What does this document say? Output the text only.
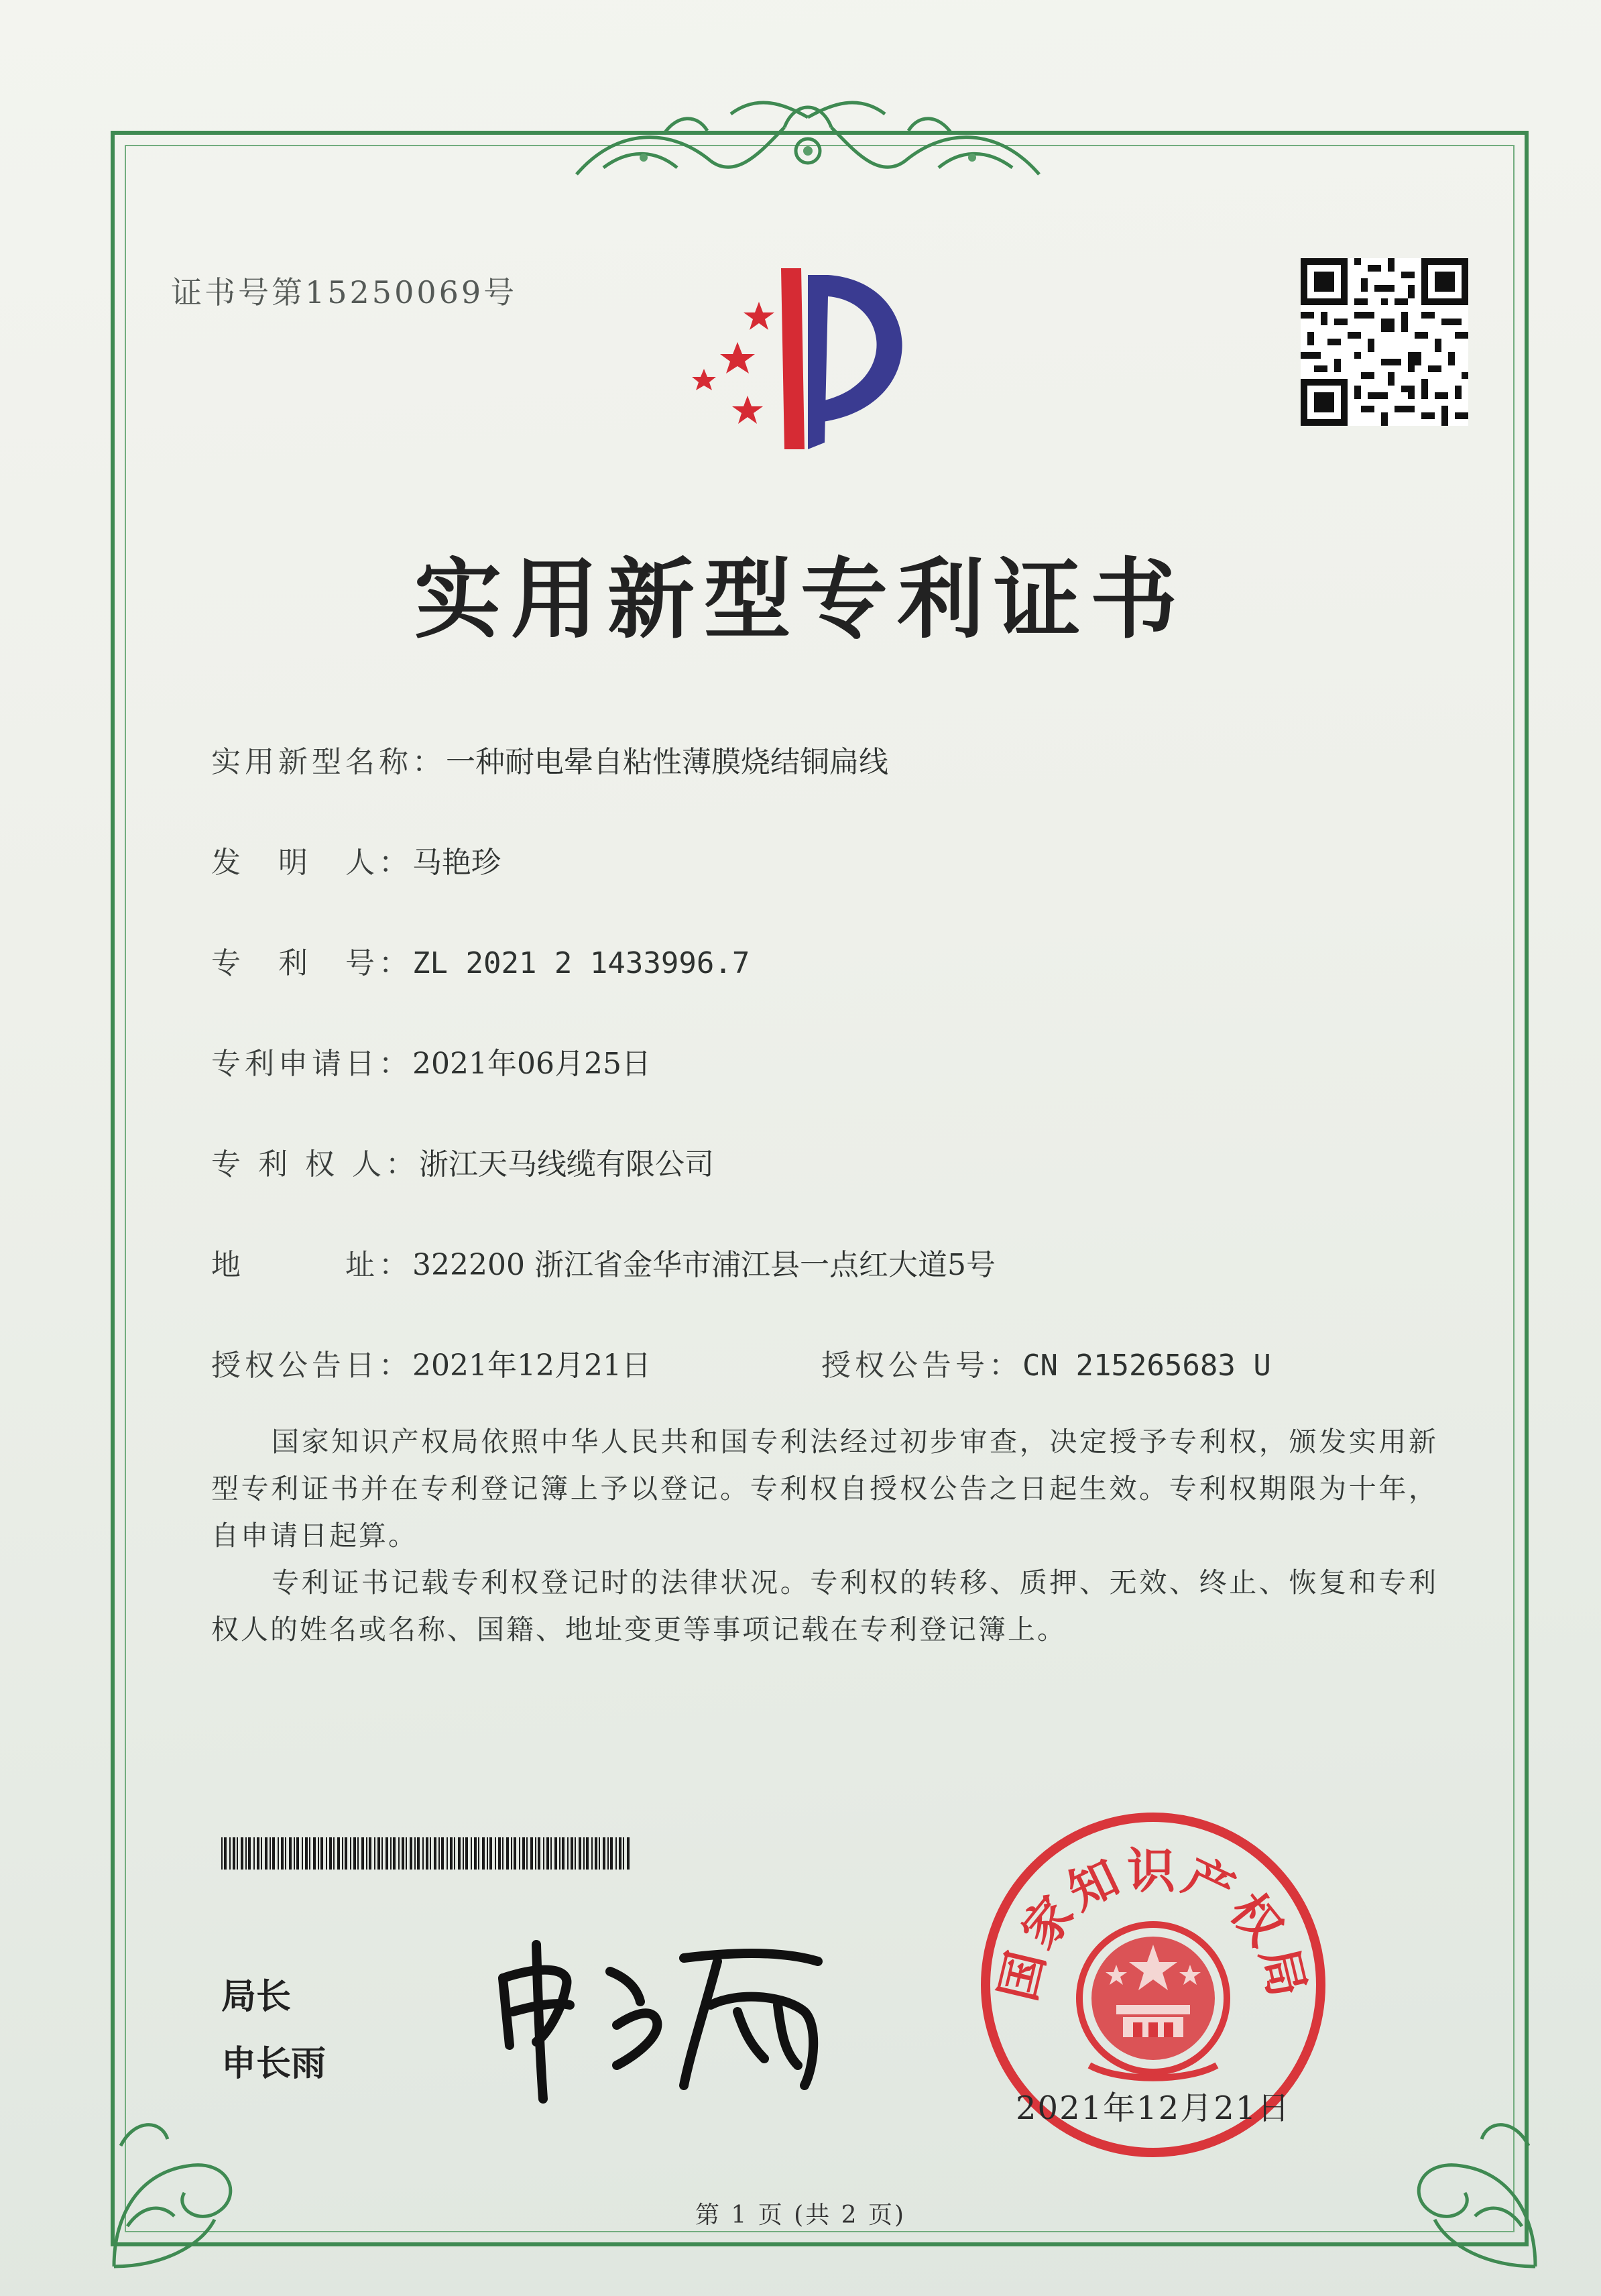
证书号第15250069号
实用新型专利证书
实用新型名称：一种耐电晕自粘性薄膜烧结铜扁线
发　明　人：马艳珍
专　利　号：ZL 2021 2 1433996.7
专利申请日：2021年06月25日
专 利 权 人：浙江天马线缆有限公司
地　　　址：322200 浙江省金华市浦江县一点红大道5号
授权公告日：2021年12月21日	授权公告号：CN 215265683 U
国家知识产权局依照中华人民共和国专利法经过初步审查，决定授予专利权，颁发实用新型专利证书并在专利登记簿上予以登记。专利权自授权公告之日起生效。专利权期限为十年，自申请日起算。
专利证书记载专利权登记时的法律状况。专利权的转移、质押、无效、终止、恢复和专利权人的姓名或名称、国籍、地址变更等事项记载在专利登记簿上。
局长
申长雨
国家知识产权局
2021年12月21日
第 1 页 (共 2 页)
